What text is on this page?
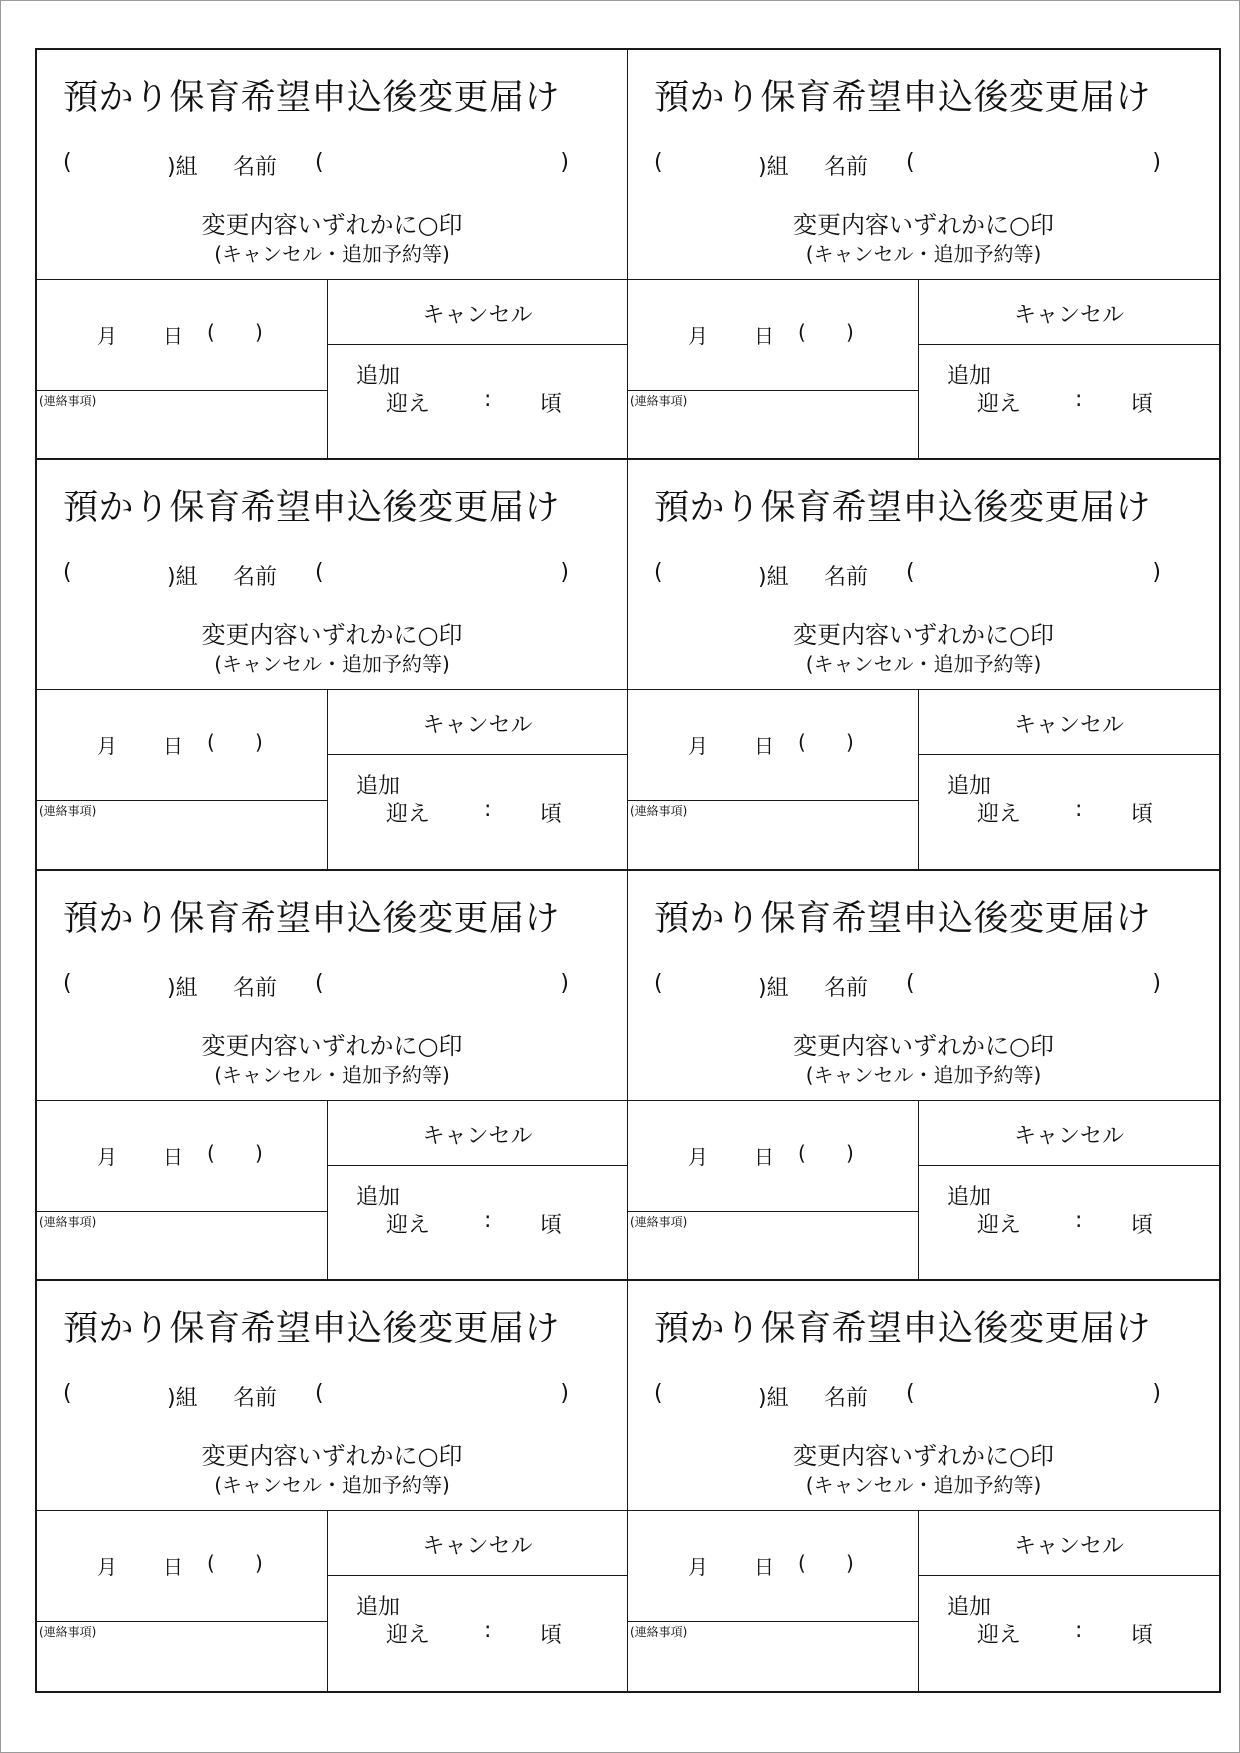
預かり保育希望申込後変更届け
(	)組 名前 (	)
変更内容いずれかに○印
(キャンセル・追加予約等)
月 日 ( )
(連絡事項)
キャンセル
追加
迎え : 頃
預かり保育希望申込後変更届け
(	)組 名前 (	)
変更内容いずれかに○印
(キャンセル・追加予約等)
月 日 ( )
(連絡事項)
キャンセル
追加
迎え : 頃
預かり保育希望申込後変更届け
(	)組 名前 (	)
変更内容いずれかに○印
(キャンセル・追加予約等)
月 日 ( )
(連絡事項)
キャンセル
追加
迎え : 頃
預かり保育希望申込後変更届け
(	)組 名前 (	)
変更内容いずれかに○印
(キャンセル・追加予約等)
月 日 ( )
(連絡事項)
キャンセル
追加
迎え : 頃
預かり保育希望申込後変更届け
(	)組 名前 (	)
変更内容いずれかに○印
(キャンセル・追加予約等)
月 日 ( )
(連絡事項)
キャンセル
追加
迎え : 頃
預かり保育希望申込後変更届け
(	)組 名前 (	)
変更内容いずれかに○印
(キャンセル・追加予約等)
月 日 ( )
(連絡事項)
キャンセル
追加
迎え : 頃
預かり保育希望申込後変更届け
(	)組 名前 (	)
変更内容いずれかに○印
(キャンセル・追加予約等)
月 日 ( )
(連絡事項)
キャンセル
追加
迎え : 頃
預かり保育希望申込後変更届け
(	)組 名前 (	)
変更内容いずれかに○印
(キャンセル・追加予約等)
月 日 ( )
(連絡事項)
キャンセル
追加
迎え : 頃
